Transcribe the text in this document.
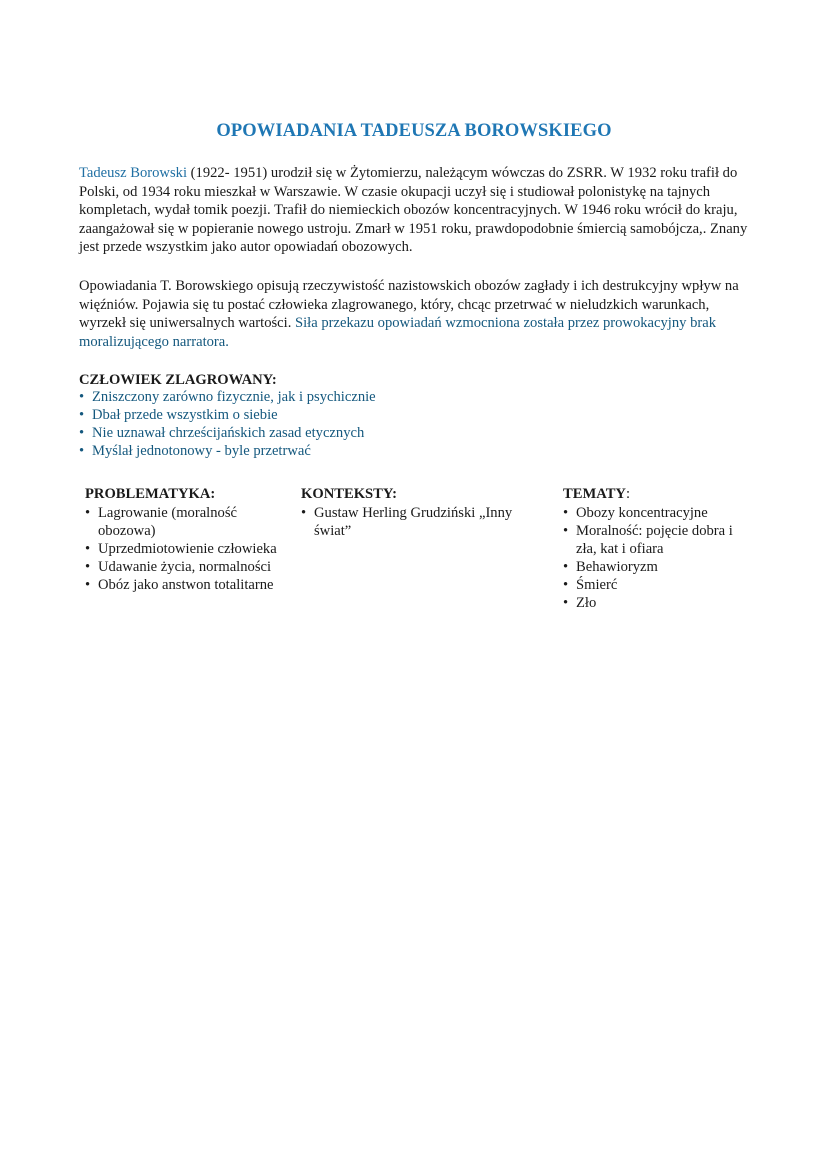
OPOWIADANIA TADEUSZA BOROWSKIEGO

Tadeusz Borowski (1922- 1951) urodził się w Żytomierzu, należącym wówczas do ZSRR. W 1932 roku trafił do Polski, od 1934 roku mieszkał w Warszawie. W czasie okupacji uczył się i studiował polonistykę na tajnych kompletach, wydał tomik poezji. Trafił do niemieckich obozów koncentracyjnych. W 1946 roku wrócił do kraju, zaangażował się w popieranie nowego ustroju. Zmarł w 1951 roku, prawdopodobnie śmiercią samobójcza,. Znany jest przede wszystkim jako autor opowiadań obozowych.

Opowiadania T. Borowskiego opisują rzeczywistość nazistowskich obozów zagłady i ich destrukcyjny wpływ na więźniów. Pojawia się tu postać człowieka zlagrowanego, który, chcąc przetrwać w nieludzkich warunkach, wyrzekł się uniwersalnych wartości. Siła przekazu opowiadań wzmocniona została przez prowokacyjny brak moralizującego narratora.

CZŁOWIEK ZLAGROWANY:
• Zniszczony zarówno fizycznie, jak i psychicznie
• Dbał przede wszystkim o siebie
• Nie uznawał chrześcijańskich zasad etycznych
• Myślał jednotonowy - byle przetrwać
PROBLEMATYKA:
• Lagrowanie (moralność obozowa)
• Uprzedmiotowienie człowieka
• Udawanie życia, normalności
• Obóz jako anstwon totalitarne
KONTEKSTY:
• Gustaw Herling Grudziński „Inny świat”
TEMATY:
• Obozy koncentracyjne
• Moralność: pojęcie dobra i zła, kat i ofiara
• Behawioryzm
• Śmierć
• Zło
